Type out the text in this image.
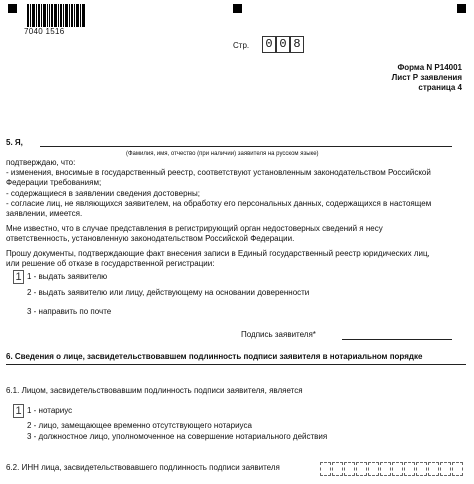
7040 1516
Стр. 0 0 8
Форма N Р14001
Лист Р заявления
страница 4
5. Я,
(Фамилия, имя, отчество (при наличии) заявителя на русском языке)
подтверждаю, что:
- изменения, вносимые в государственный реестр, соответствуют установленным законодательством Российской
Федерации требованиям;
- содержащиеся в заявлении сведения достоверны;
- согласие лиц, не являющихся заявителем, на обработку его персональных данных, содержащихся в настоящем
заявлении, имеется.
Мне известно, что в случае представления в регистрирующий орган недостоверных сведений я несу
ответственность, установленную законодательством Российской Федерации.
Прошу документы, подтверждающие факт внесения записи в Единый государственный реестр юридических лиц,
или решение об отказе в государственной регистрации:
1 1 - выдать заявителю
2 - выдать заявителю или лицу, действующему на основании доверенности
3 - направить по почте
Подпись заявителя*
6. Сведения о лице, засвидетельствовавшем подлинность подписи заявителя в нотариальном порядке
6.1. Лицом, засвидетельствовавшим подлинность подписи заявителя, является
1 1 - нотариус
2 - лицо, замещающее временно отсутствующего нотариуса
3 - должностное лицо, уполномоченное на совершение нотариального действия
6.2. ИНН лица, засвидетельствовавшего подлинность подписи заявителя
